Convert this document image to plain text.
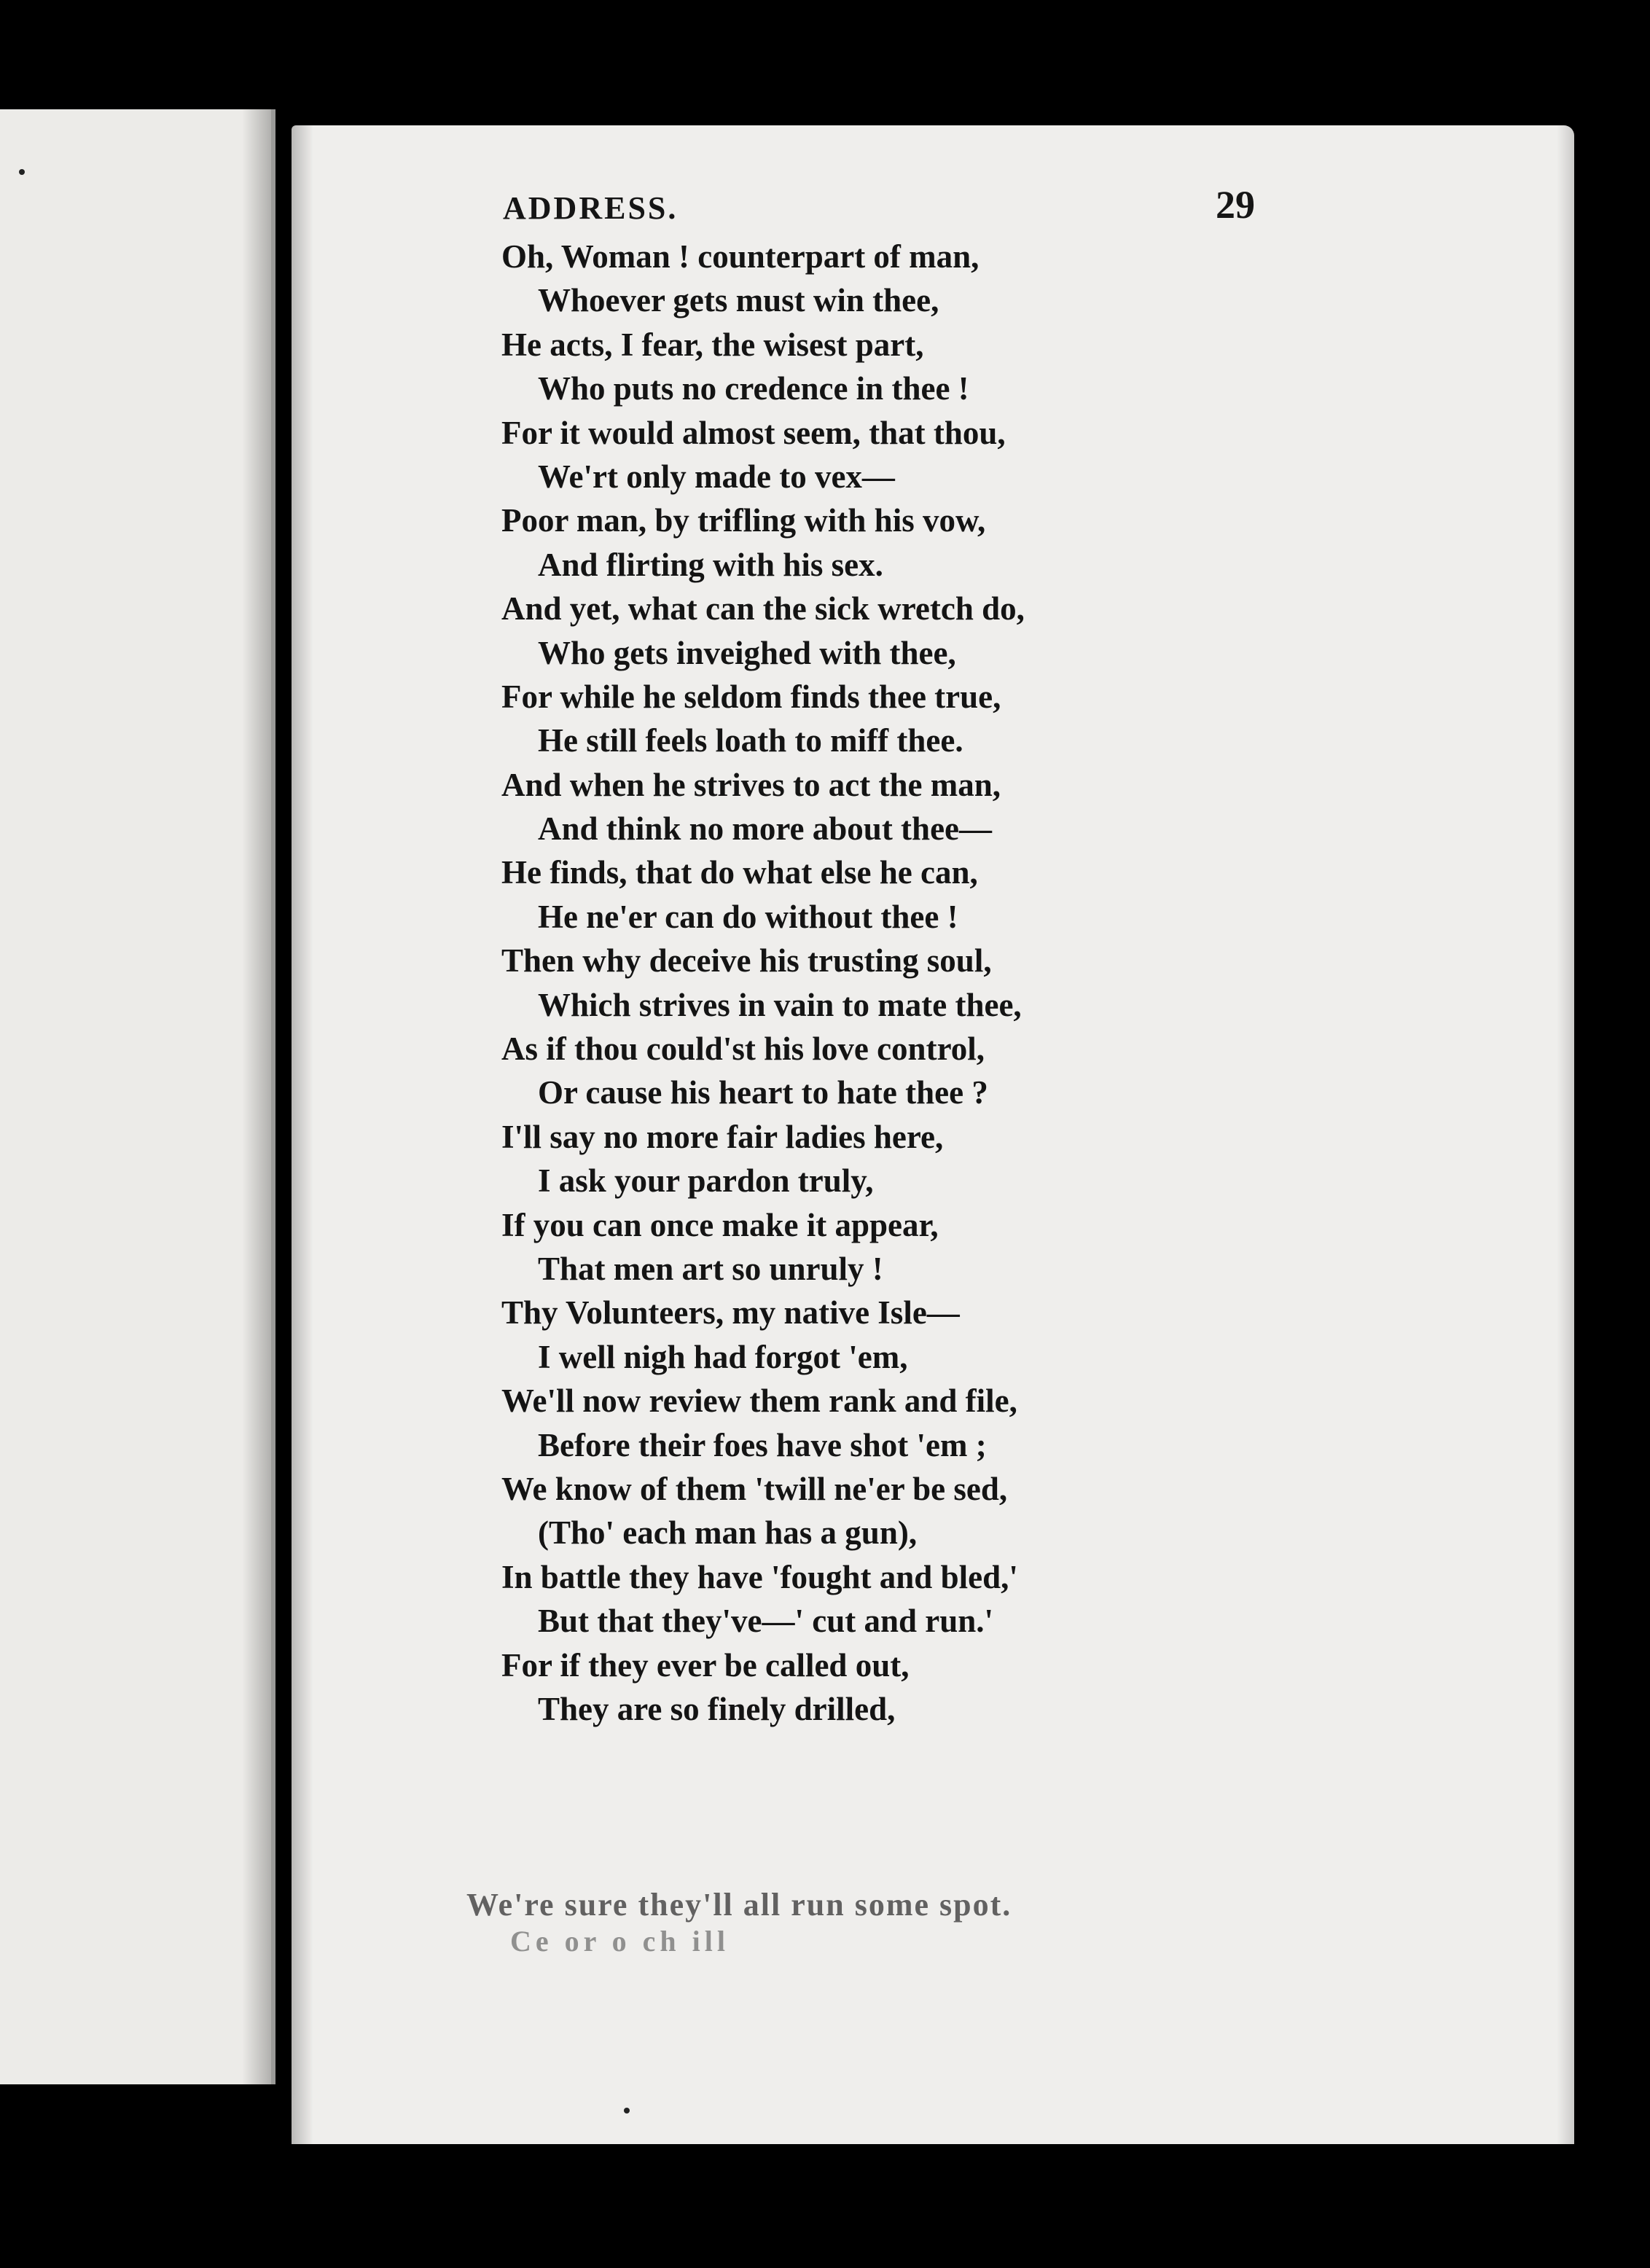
ADDRESS.	29
Oh, Woman ! counterpart of man,
Whoever gets must win thee,
He acts, I fear, the wisest part,
Who puts no credence in thee !
For it would almost seem, that thou,
We'rt only made to vex—
Poor man, by trifling with his vow,
And flirting with his sex.
And yet, what can the sick wretch do,
Who gets inveighed with thee,
For while he seldom finds thee true,
He still feels loath to miff thee.
And when he strives to act the man,
And think no more about thee—
He finds, that do what else he can,
He ne'er can do without thee !
Then why deceive his trusting soul,
Which strives in vain to mate thee,
As if thou could'st his love control,
Or cause his heart to hate thee ?
I'll say no more fair ladies here,
I ask your pardon truly,
If you can once make it appear,
That men art so unruly !
Thy Volunteers, my native Isle—
I well nigh had forgot 'em,
We'll now review them rank and file,
Before their foes have shot 'em ;
We know of them 'twill ne'er be sed,
(Tho' each man has a gun),
In battle they have 'fought and bled,'
But that they've—' cut and run.'
For if they ever be called out,
They are so finely drilled,
We're sure they'll all run some spot.
Ce or o ch ill
